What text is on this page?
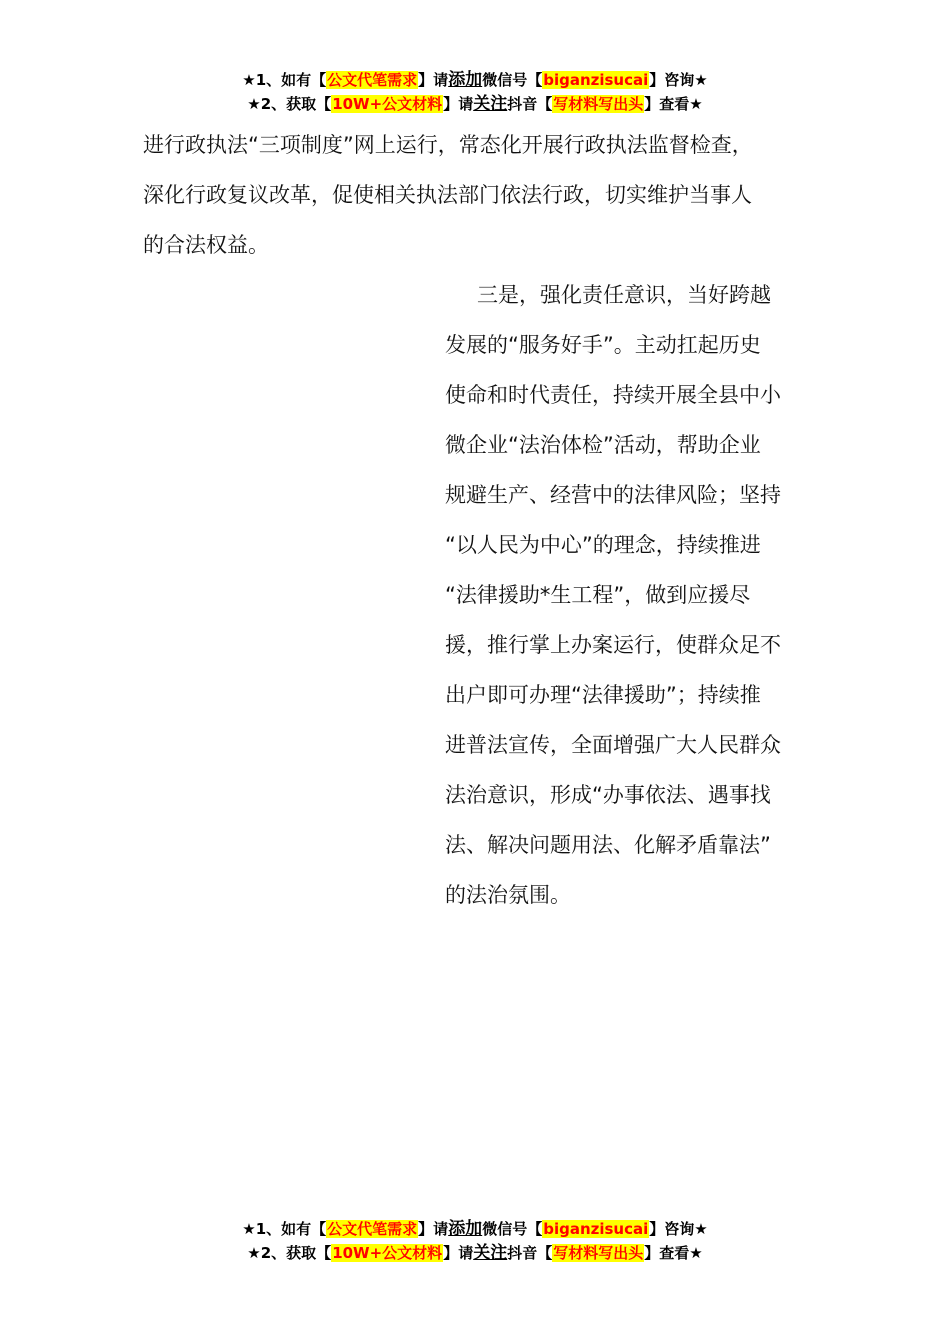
★1、如有【公文代笔需求】请添加微信号【biganzisucai】咨询★
★2、获取【10W+公文材料】请关注抖音【写材料写出头】查看★
进行政执法“三项制度”网上运行，常态化开展行政执法监督检查，
深化行政复议改革，促使相关执法部门依法行政，切实维护当事人
的合法权益。
三是，强化责任意识，当好跨越
发展的“服务好手”。主动扛起历史
使命和时代责任，持续开展全县中小
微企业“法治体检”活动，帮助企业
规避生产、经营中的法律风险；坚持
“以人民为中心”的理念，持续推进
“法律援助*生工程”，做到应援尽
援，推行掌上办案运行，使群众足不
出户即可办理“法律援助”；持续推
进普法宣传，全面增强广大人民群众
法治意识，形成“办事依法、遇事找
法、解决问题用法、化解矛盾靠法”
的法治氛围。
★1、如有【公文代笔需求】请添加微信号【biganzisucai】咨询★
★2、获取【10W+公文材料】请关注抖音【写材料写出头】查看★
